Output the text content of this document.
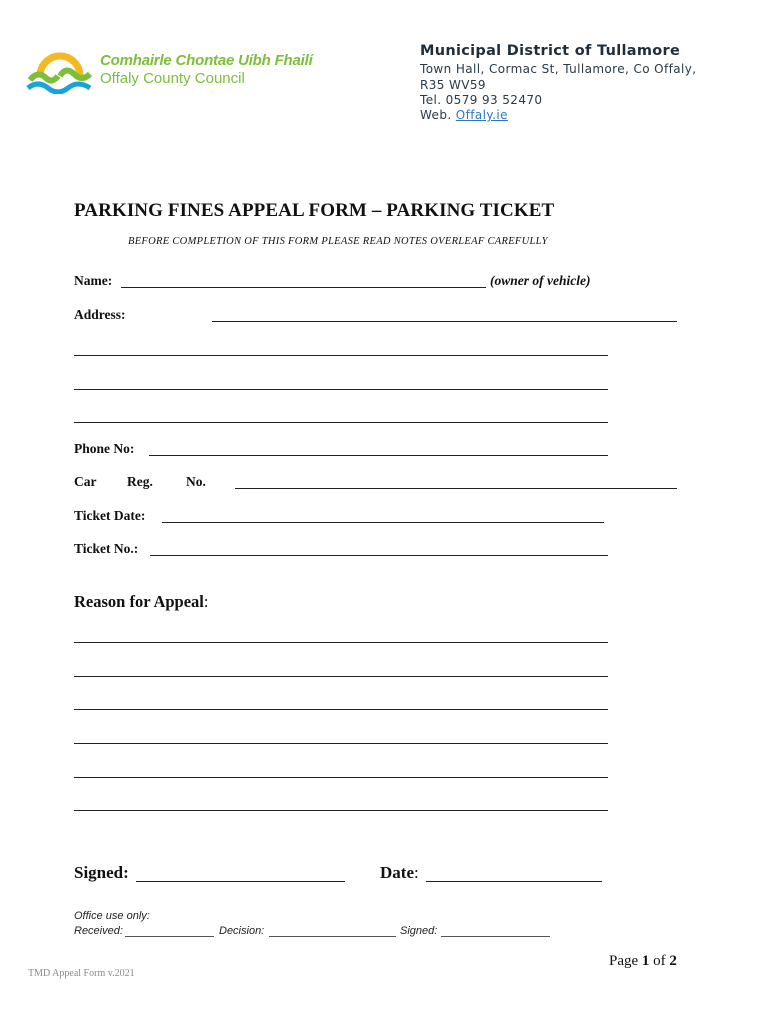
Comhairle Chontae Uíbh Fhailí
Offaly County Council
Municipal District of Tullamore
Town Hall, Cormac St, Tullamore, Co Offaly,
R35 WV59
Tel. 0579 93 52470
Web. Offaly.ie
PARKING FINES APPEAL FORM – PARKING TICKET
BEFORE COMPLETION OF THIS FORM PLEASE READ NOTES OVERLEAF CAREFULLY
Name:	(owner of vehicle)
Address:
Phone No:
Car Reg. No.
Ticket Date:
Ticket No.:
Reason for Appeal:
Signed:	Date:
Office use only:
Received:	Decision:	Signed:
Page 1 of 2
TMD Appeal Form v.2021
